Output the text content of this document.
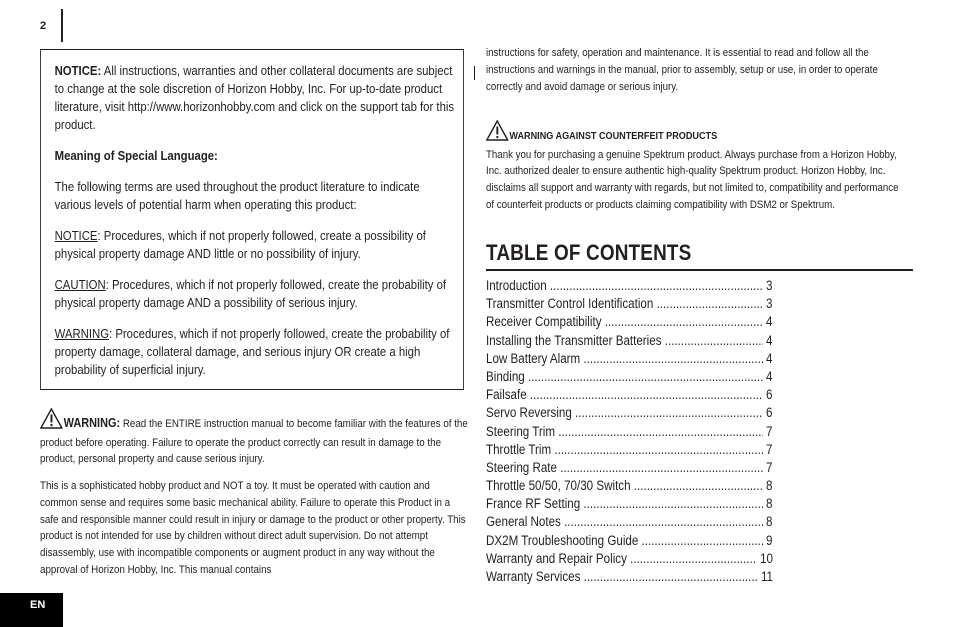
2

NOTICE: All instructions, warranties and other collateral documents are subject to change at the sole discretion of Horizon Hobby, Inc. For up-to-date product literature, visit http://www.horizonhobby.com and click on the support tab for this product.

Meaning of Special Language:

The following terms are used throughout the product literature to indicate various levels of potential harm when operating this product:

NOTICE: Procedures, which if not properly followed, create a possibility of physical property damage AND little or no possibility of injury.

CAUTION: Procedures, which if not properly followed, create the probability of physical property damage AND a possibility of serious injury.

WARNING: Procedures, which if not properly followed, create the probability of property damage, collateral damage, and serious injury OR create a high probability of superficial injury.

WARNING: Read the ENTIRE instruction manual to become familiar with the features of the product before operating. Failure to operate the product correctly can result in damage to the product, personal property and cause serious injury.

This is a sophisticated hobby product and NOT a toy. It must be operated with caution and common sense and requires some basic mechanical ability. Failure to operate this Product in a safe and responsible manner could result in injury or damage to the product or other property. This product is not intended for use by children without direct adult supervision. Do not attempt disassembly, use with incompatible components or augment product in any way without the approval of Horizon Hobby, Inc. This manual contains

instructions for safety, operation and maintenance. It is essential to read and follow all the instructions and warnings in the manual, prior to assembly, setup or use, in order to operate correctly and avoid damage or serious injury.
WARNING AGAINST COUNTERFEIT PRODUCTS
Thank you for purchasing a genuine Spektrum product. Always purchase from a Horizon Hobby, Inc. authorized dealer to ensure authentic high-quality Spektrum product. Horizon Hobby, Inc. disclaims all support and warranty with regards, but not limited to, compatibility and performance of counterfeit products or products claiming compatibility with DSM2 or Spektrum.
TABLE OF CONTENTS
Introduction .....	3
Transmitter Control Identification .....	3
Receiver Compatibility .....	4
Installing the Transmitter Batteries .....	4
Low Battery Alarm .....	4
Binding .....	4
Failsafe .....	6
Servo Reversing .....	6
Steering Trim .....	7
Throttle Trim .....	7
Steering Rate .....	7
Throttle 50/50, 70/30 Switch .....	8
France RF Setting .....	8
General Notes .....	8
DX2M Troubleshooting Guide .....	9
Warranty and Repair Policy .....	10
Warranty Services .....	11
EN
